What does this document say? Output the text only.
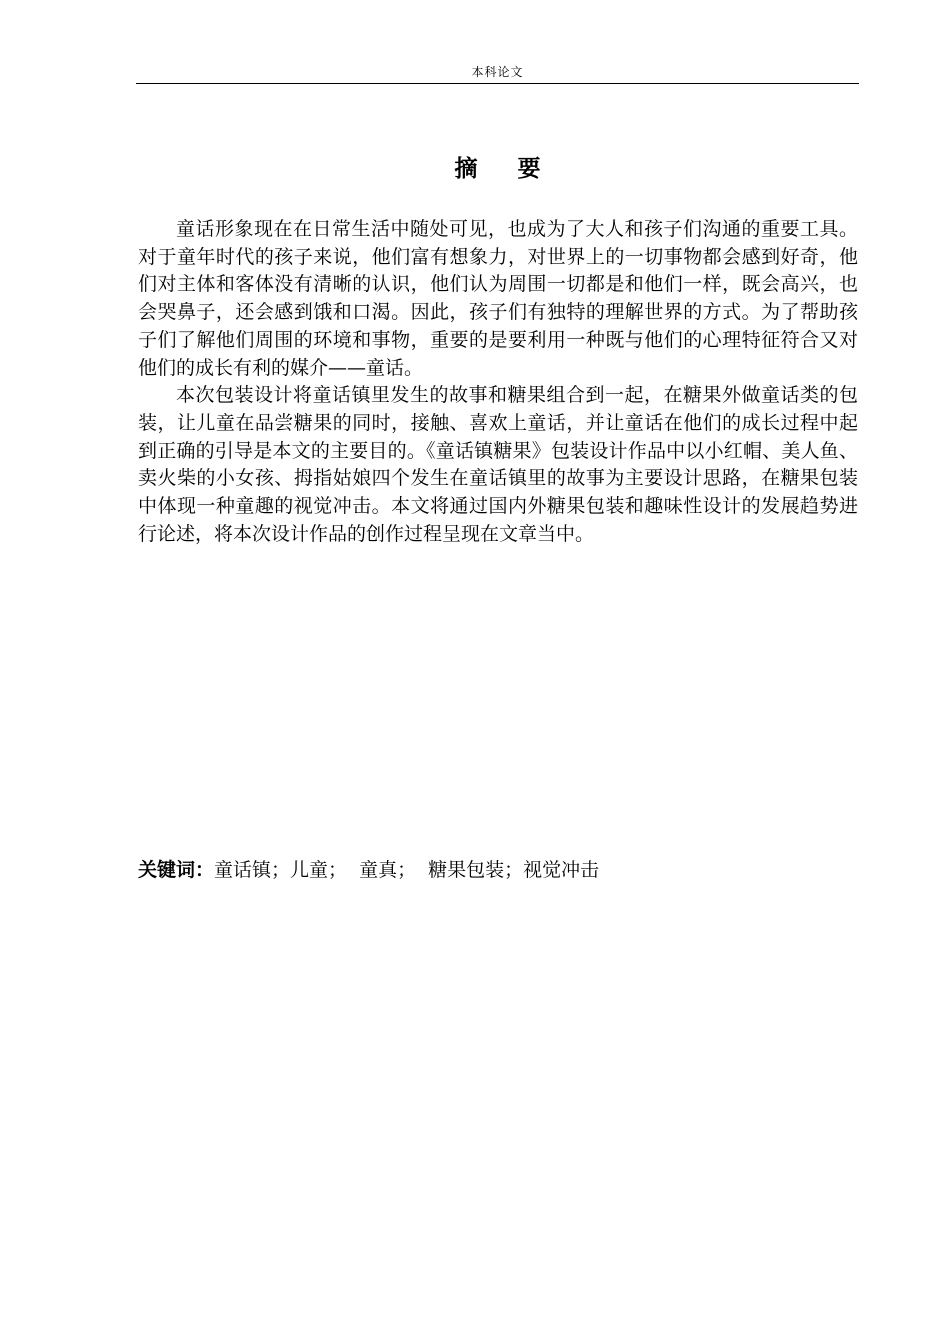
本科论文
摘 要

童话形象现在在日常生活中随处可见，也成为了大人和孩子们沟通的重要工具。对于童年时代的孩子来说，他们富有想象力，对世界上的一切事物都会感到好奇，他们对主体和客体没有清晰的认识，他们认为周围一切都是和他们一样，既会高兴，也会哭鼻子，还会感到饿和口渴。因此，孩子们有独特的理解世界的方式。为了帮助孩子们了解他们周围的环境和事物，重要的是要利用一种既与他们的心理特征符合又对他们的成长有利的媒介——童话。

本次包装设计将童话镇里发生的故事和糖果组合到一起，在糖果外做童话类的包装，让儿童在品尝糖果的同时，接触、喜欢上童话，并让童话在他们的成长过程中起到正确的引导是本文的主要目的。《童话镇糖果》包装设计作品中以小红帽、美人鱼、卖火柴的小女孩、拇指姑娘四个发生在童话镇里的故事为主要设计思路，在糖果包装中体现一种童趣的视觉冲击。本文将通过国内外糖果包装和趣味性设计的发展趋势进行论述，将本次设计作品的创作过程呈现在文章当中。

关键词：童话镇；儿童；  童真；  糖果包装；视觉冲击
